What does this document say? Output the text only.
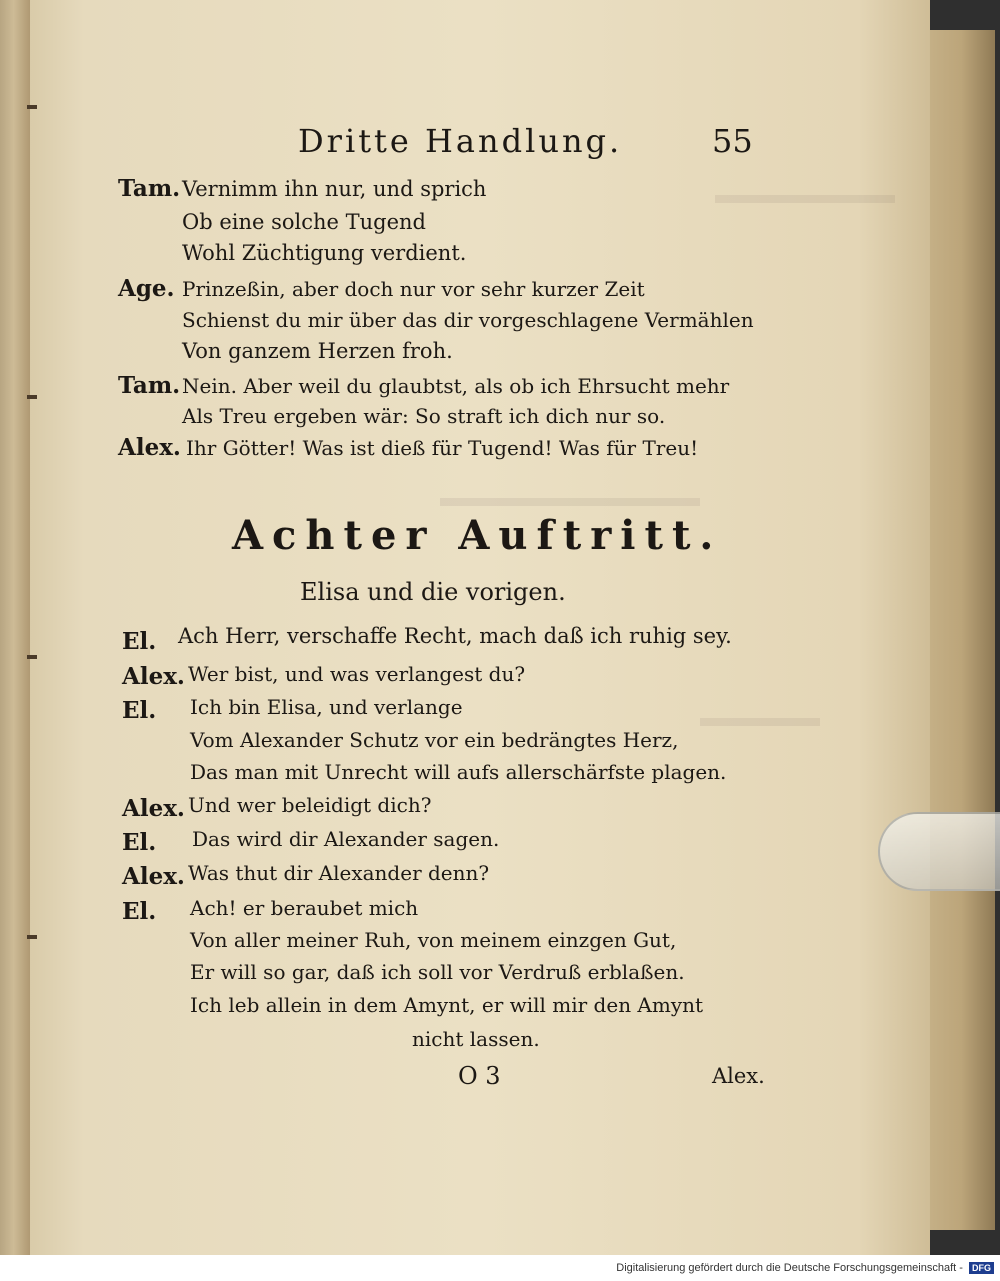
Dritte Handlung.	55
Tam. Vernimm ihn nur, und sprich
Ob eine solche Tugend
Wohl Züchtigung verdient.
Age. Prinzeßin, aber doch nur vor sehr kurzer Zeit
Schienst du mir über das dir vorgeschlagene Vermählen
Von ganzem Herzen froh.
Tam. Nein. Aber weil du glaubtst, als ob ich Ehrsucht mehr
Als Treu ergeben wär: So straft ich dich nur so.
Alex. Ihr Götter! Was ist dieß für Tugend! Was für Treu!
Achter Auftritt.
Elisa und die vorigen.
El. Ach Herr, verschaffe Recht, mach daß ich ruhig sey.
Alex. Wer bist, und was verlangest du?
El. Ich bin Elisa, und verlange
Vom Alexander Schutz vor ein bedrängtes Herz,
Das man mit Unrecht will aufs allerschärfste plagen.
Alex. Und wer beleidigt dich?
El. Das wird dir Alexander sagen.
Alex. Was thut dir Alexander denn?
El. Ach! er beraubet mich
Von aller meiner Ruh, von meinem einzgen Gut,
Er will so gar, daß ich soll vor Verdruß erblaßen.
Ich leb allein in dem Amynt, er will mir den Amynt
nicht lassen.
O 3	Alex.
Digitalisierung gefördert durch die Deutsche Forschungsgemeinschaft - DFG
